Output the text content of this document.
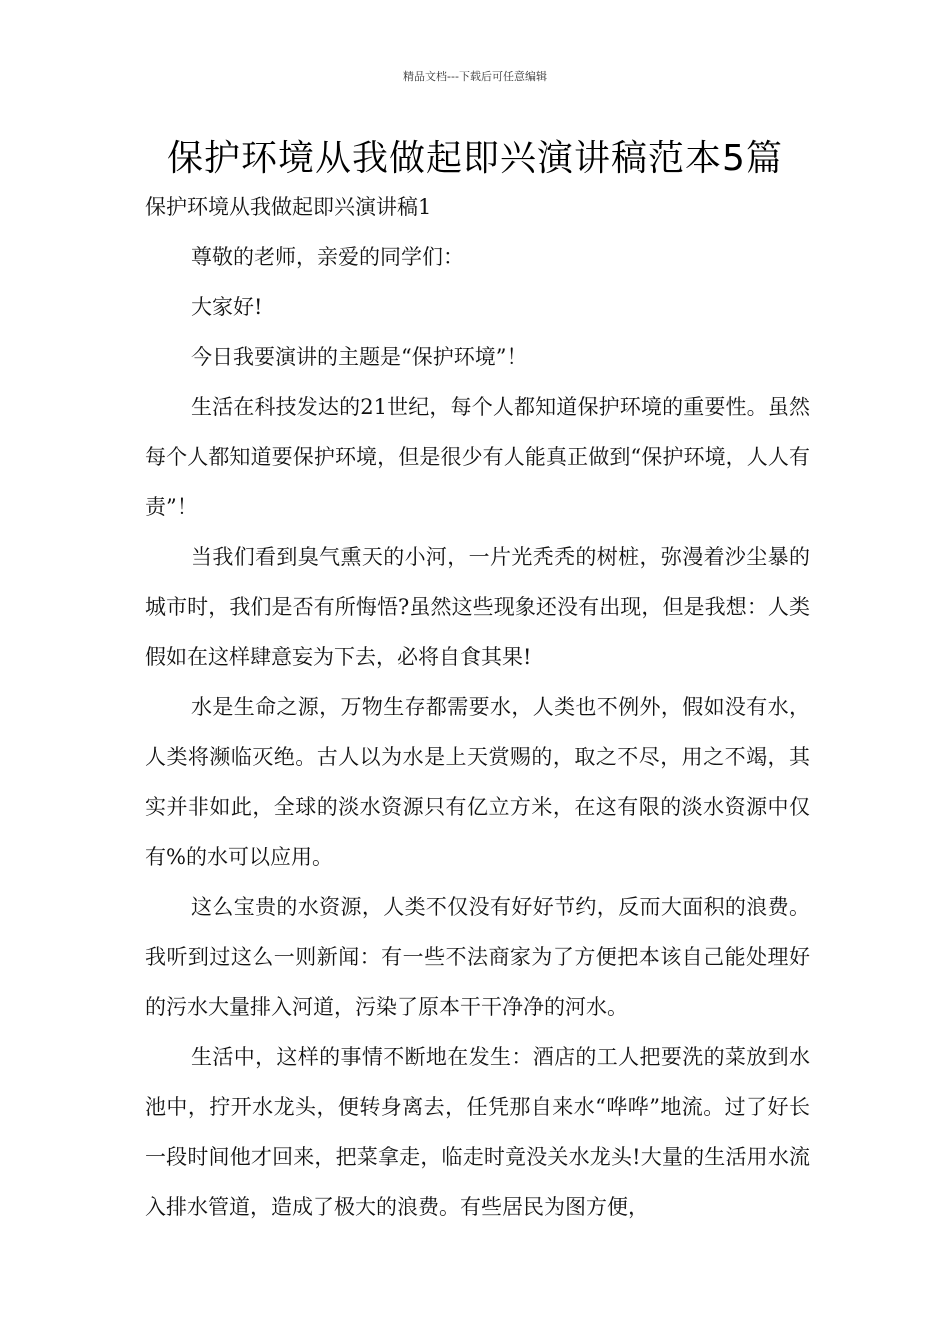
精品文档---下载后可任意编辑
保护环境从我做起即兴演讲稿范本5篇

保护环境从我做起即兴演讲稿1

尊敬的老师，亲爱的同学们：

大家好!

今日我要演讲的主题是“保护环境”！

生活在科技发达的21世纪，每个人都知道保护环境的重要性。虽然每个人都知道要保护环境，但是很少有人能真正做到“保护环境，人人有责”！

当我们看到臭气熏天的小河，一片光秃秃的树桩，弥漫着沙尘暴的城市时，我们是否有所悔悟?虽然这些现象还没有出现，但是我想：人类假如在这样肆意妄为下去，必将自食其果!

水是生命之源，万物生存都需要水，人类也不例外，假如没有水，人类将濒临灭绝。古人以为水是上天赏赐的，取之不尽，用之不竭，其实并非如此，全球的淡水资源只有亿立方米，在这有限的淡水资源中仅有%的水可以应用。

这么宝贵的水资源，人类不仅没有好好节约，反而大面积的浪费。我听到过这么一则新闻：有一些不法商家为了方便把本该自己能处理好的污水大量排入河道，污染了原本干干净净的河水。

生活中，这样的事情不断地在发生：酒店的工人把要洗的菜放到水池中，拧开水龙头，便转身离去，任凭那自来水“哗哗”地流。过了好长一段时间他才回来，把菜拿走，临走时竟没关水龙头!大量的生活用水流入排水管道，造成了极大的浪费。有些居民为图方便，
